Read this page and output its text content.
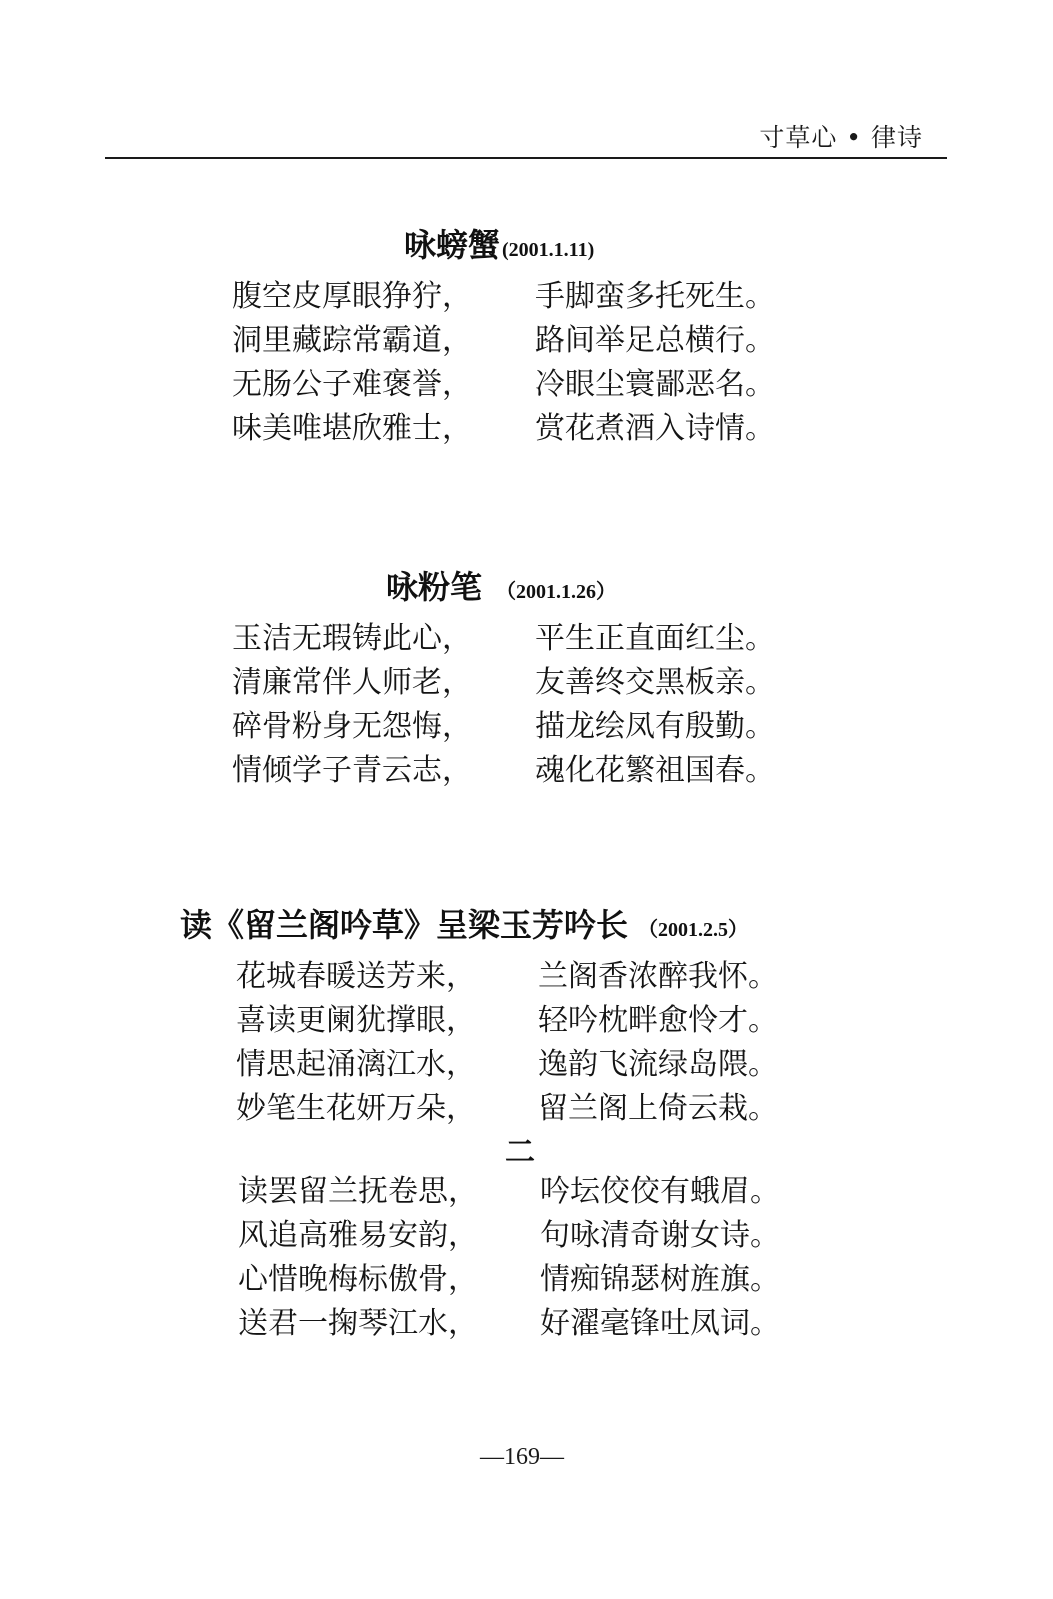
寸草心 • 律诗
咏螃蟹 (2001.1.11)
腹空皮厚眼狰狞， 手脚蛮多托死生。
洞里藏踪常霸道， 路间举足总横行。
无肠公子难褒誉， 冷眼尘寰鄙恶名。
味美唯堪欣雅士， 赏花煮酒入诗情。
咏粉笔 （2001.1.26）
玉洁无瑕铸此心， 平生正直面红尘。
清廉常伴人师老， 友善终交黑板亲。
碎骨粉身无怨悔， 描龙绘凤有殷勤。
情倾学子青云志， 魂化花繁祖国春。
读《留兰阁吟草》呈梁玉芳吟长 （2001.2.5）
花城春暖送芳来， 兰阁香浓醉我怀。
喜读更阑犹撑眼， 轻吟枕畔愈怜才。
情思起涌漓江水， 逸韵飞流绿岛隈。
妙笔生花妍万朵， 留兰阁上倚云栽。
二
读罢留兰抚卷思， 吟坛佼佼有蛾眉。
风追高雅易安韵， 句咏清奇谢女诗。
心惜晚梅标傲骨， 情痴锦瑟树旌旗。
送君一掬琴江水， 好濯毫锋吐凤词。
—169—
